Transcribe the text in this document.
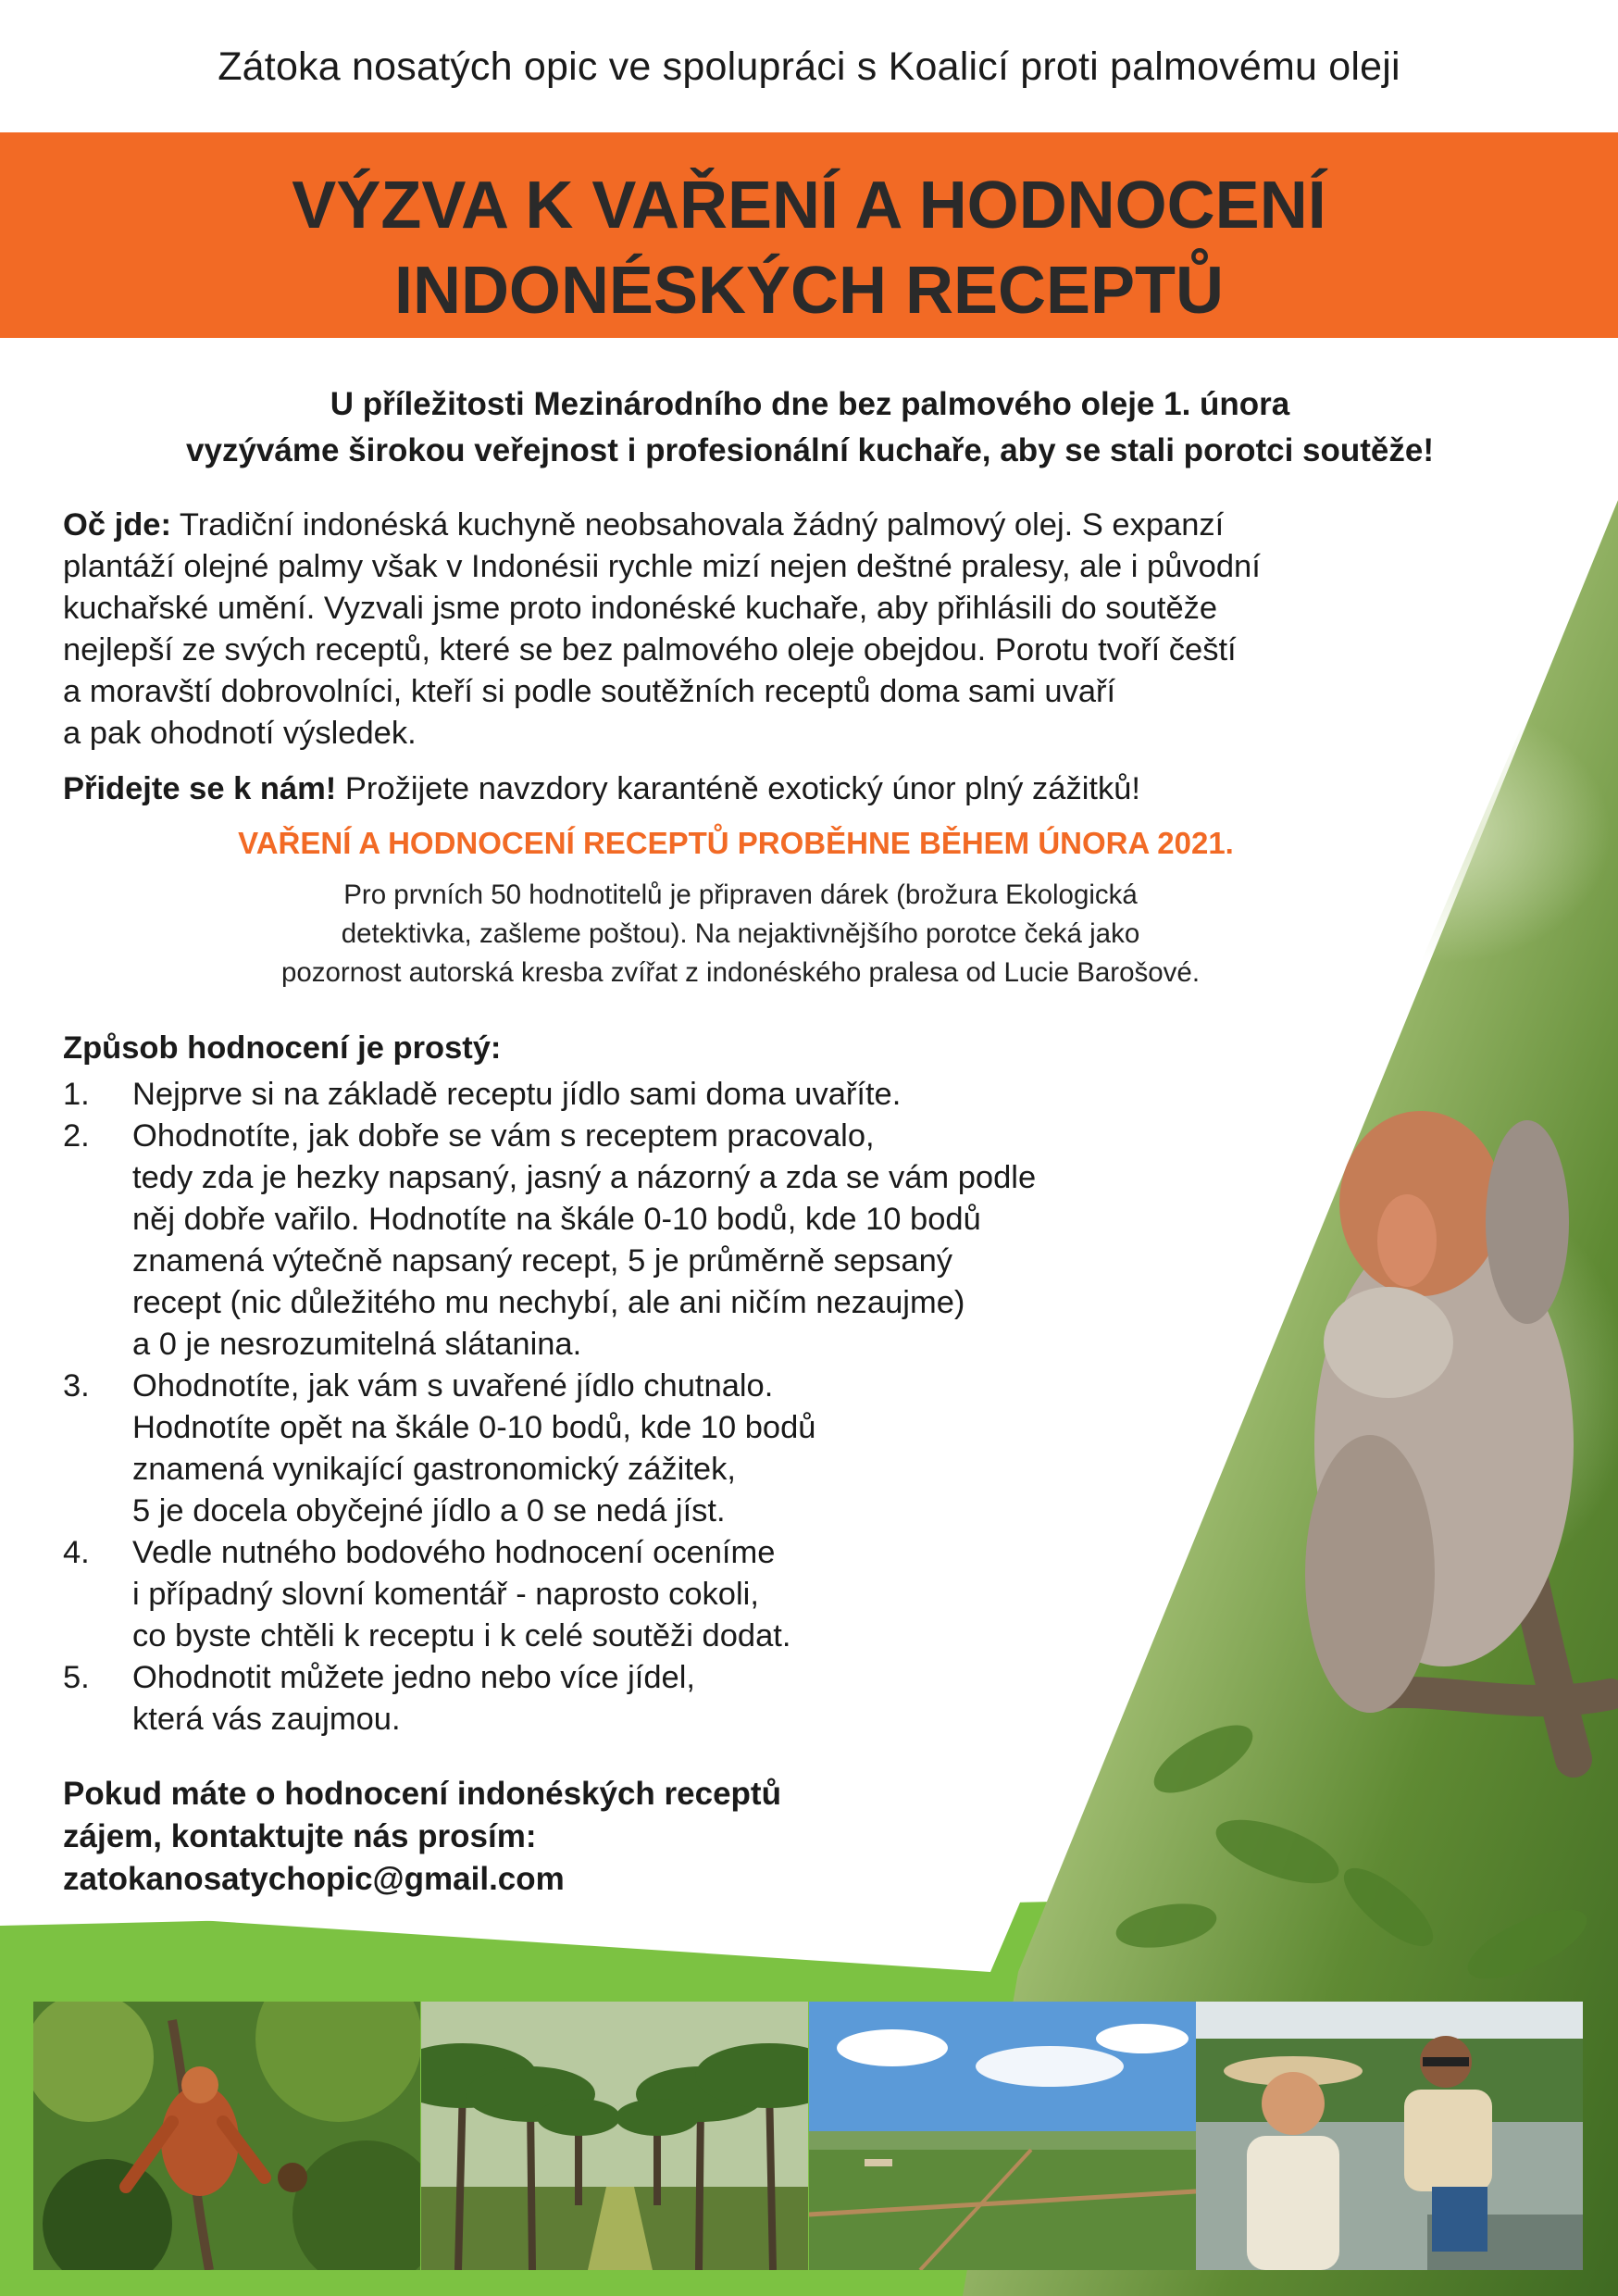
Zátoka nosatých opic ve spolupráci s Koalicí proti palmovému oleji
VÝZVA K VAŘENÍ A HODNOCENÍ
INDONÉSKÝCH RECEPTŮ
U příležitosti Mezinárodního dne bez palmového oleje 1. února
vyzýváme širokou veřejnost i profesionální kuchaře, aby se stali porotci soutěže!
Oč jde: Tradiční indonéská kuchyně neobsahovala žádný palmový olej. S expanzí
plantáží olejné palmy však v Indonésii rychle mizí nejen deštné pralesy, ale i původní
kuchařské umění. Vyzvali jsme proto indonéské kuchaře, aby přihlásili do soutěže
nejlepší ze svých receptů, které se bez palmového oleje obejdou. Porotu tvoří čeští
a moravští dobrovolníci, kteří si podle soutěžních receptů doma sami uvaří
a pak ohodnotí výsledek.
Přidejte se k nám! Prožijete navzdory karanténě exotický únor plný zážitků!
VAŘENÍ A HODNOCENÍ RECEPTŮ PROBĚHNE BĚHEM ÚNORA 2021.
Pro prvních 50 hodnotitelů je připraven dárek (brožura Ekologická
detektivka, zašleme poštou). Na nejaktivnějšího porotce čeká jako
pozornost autorská kresba zvířat z indonéského pralesa od Lucie Barošové.
Způsob hodnocení je prostý:
1. Nejprve si na základě receptu jídlo sami doma uvaříte.
2. Ohodnotíte, jak dobře se vám s receptem pracovalo,
tedy zda je hezky napsaný, jasný a názorný a zda se vám podle
něj dobře vařilo. Hodnotíte na škále 0-10 bodů, kde 10 bodů
znamená výtečně napsaný recept, 5 je průměrně sepsaný
recept (nic důležitého mu nechybí, ale ani ničím nezaujme)
a 0 je nesrozumitelná slátanina.
3. Ohodnotíte, jak vám s uvařené jídlo chutnalo.
Hodnotíte opět na škále 0-10 bodů, kde 10 bodů
znamená vynikající gastronomický zážitek,
5 je docela obyčejné jídlo a 0 se nedá jíst.
4. Vedle nutného bodového hodnocení oceníme
i případný slovní komentář - naprosto cokoli,
co byste chtěli k receptu i k celé soutěži dodat.
5. Ohodnotit můžete jedno nebo více jídel,
která vás zaujmou.
Pokud máte o hodnocení indonéských receptů
zájem, kontaktujte nás prosím:
zatokanosatychopic@gmail.com
